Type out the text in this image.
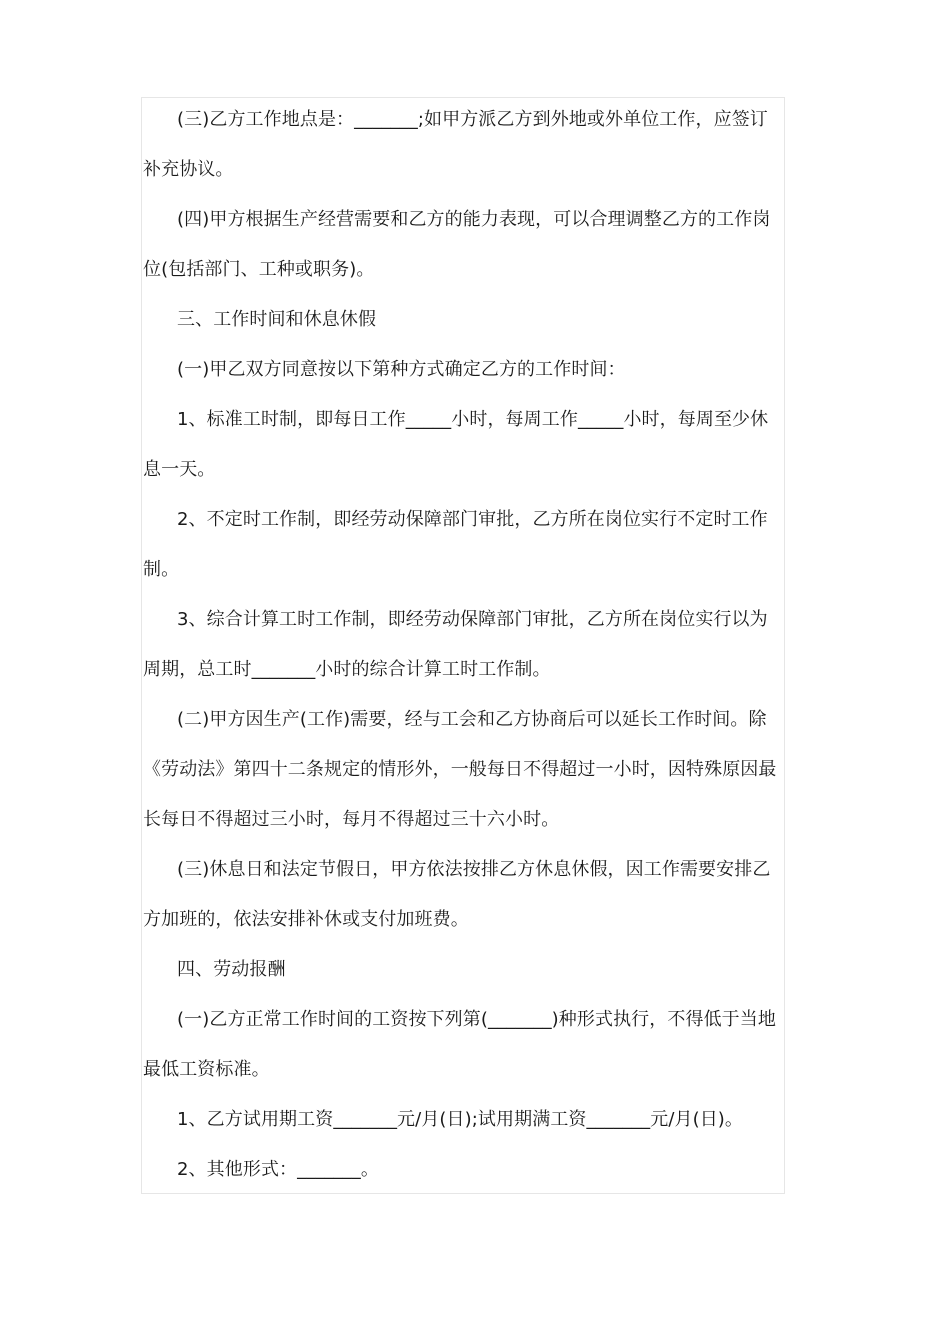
(三)乙方工作地点是：_______;如甲方派乙方到外地或外单位工作，应签订补充协议。

(四)甲方根据生产经营需要和乙方的能力表现，可以合理调整乙方的工作岗位(包括部门、工种或职务)。

三、工作时间和休息休假

(一)甲乙双方同意按以下第种方式确定乙方的工作时间：

1、标准工时制，即每日工作_____小时，每周工作_____小时，每周至少休息一天。

2、不定时工作制，即经劳动保障部门审批，乙方所在岗位实行不定时工作制。

3、综合计算工时工作制，即经劳动保障部门审批，乙方所在岗位实行以为周期，总工时_______小时的综合计算工时工作制。

(二)甲方因生产(工作)需要，经与工会和乙方协商后可以延长工作时间。除《劳动法》第四十二条规定的情形外，一般每日不得超过一小时，因特殊原因最长每日不得超过三小时，每月不得超过三十六小时。

(三)休息日和法定节假日，甲方依法按排乙方休息休假，因工作需要安排乙方加班的，依法安排补休或支付加班费。

四、劳动报酬

(一)乙方正常工作时间的工资按下列第(_______)种形式执行，不得低于当地最低工资标准。

1、乙方试用期工资_______元/月(日);试用期满工资_______元/月(日)。

2、其他形式：_______。
